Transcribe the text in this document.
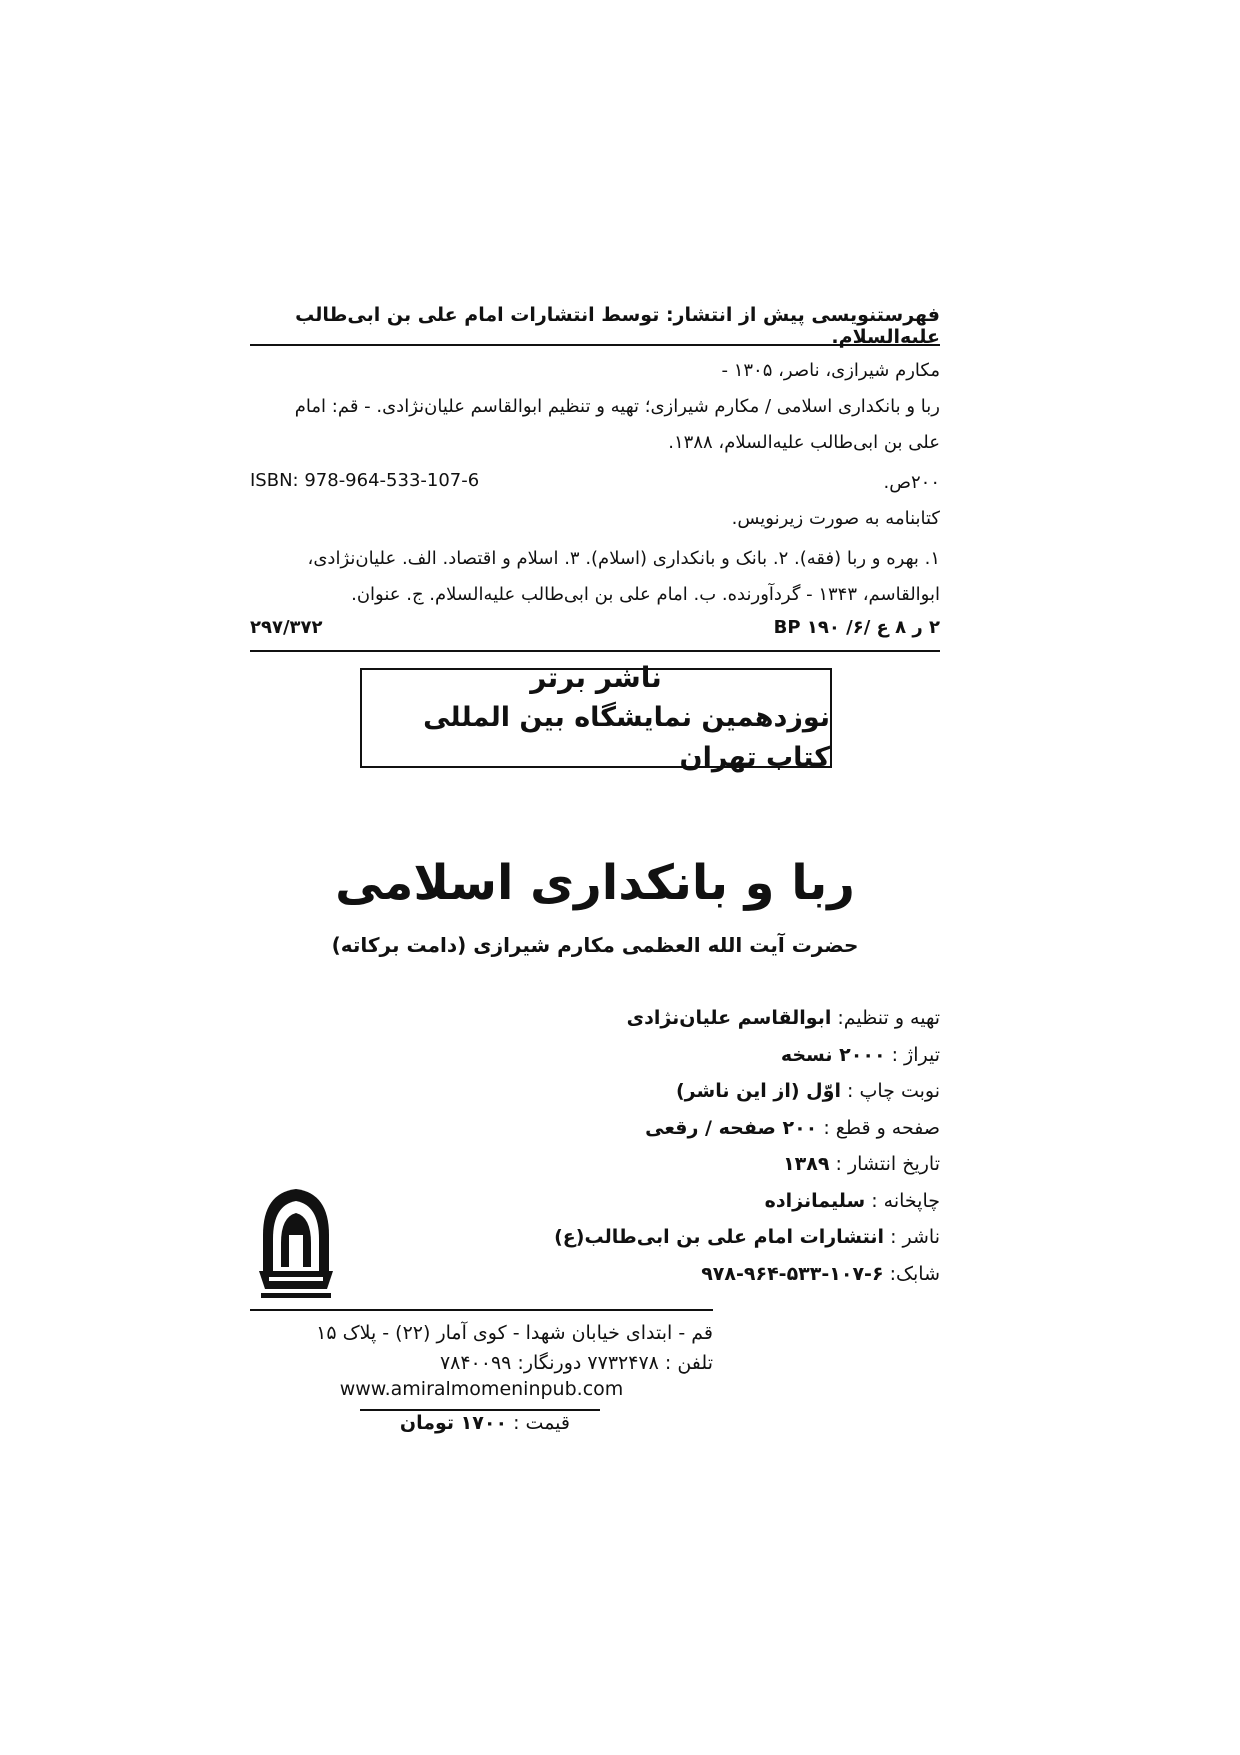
فهرستنویسی پیش از انتشار: توسط انتشارات امام علی بن ابی‌طالب علیه‌السلام.
مکارم شیرازی، ناصر، ۱۳۰۵ -
ربا و بانکداری اسلامی / مکارم شیرازی؛ تهیه و تنظیم ابوالقاسم علیان‌نژادی. - قم: امام
علی بن ابی‌طالب علیه‌السلام، ۱۳۸۸.
۲۰۰ص.
ISBN: 978-964-533-107-6
کتابنامه به صورت زیرنویس.
۱. بهره و ربا (فقه). ۲. بانک و بانکداری (اسلام). ۳. اسلام و اقتصاد. الف. علیان‌نژادی،
ابوالقاسم، ۱۳۴۳ - گردآورنده. ب. امام علی بن ابی‌طالب علیه‌السلام. ج. عنوان.
۲۹۷/۳۷۲	۲ ر ۸ ع /۶/ ۱۹۰ BP
ناشر برتر
نوزدهمین نمایشگاه بین المللی کتاب تهران
ربا و بانکداری اسلامی
حضرت آیت الله العظمی مکارم شیرازی (دامت برکاته)
تهیه و تنظیم: ابوالقاسم علیان‌نژادی
تیراژ : ۲۰۰۰ نسخه
نوبت چاپ : اوّل (از این ناشر)
صفحه و قطع : ۲۰۰ صفحه / رقعی
تاریخ انتشار : ۱۳۸۹
چاپخانه : سلیمانزاده
ناشر : انتشارات امام علی بن ابی‌طالب(ع)
شابک: ۶-۱۰۷-۵۳۳-۹۶۴-۹۷۸
قم - ابتدای خیابان شهدا - کوی آمار (۲۲) - پلاک ۱۵
تلفن : ۷۷۳۲۴۷۸ دورنگار: ۷۸۴۰۰۹۹
www.amiralmomeninpub.com
قیمت : ۱۷۰۰ تومان
